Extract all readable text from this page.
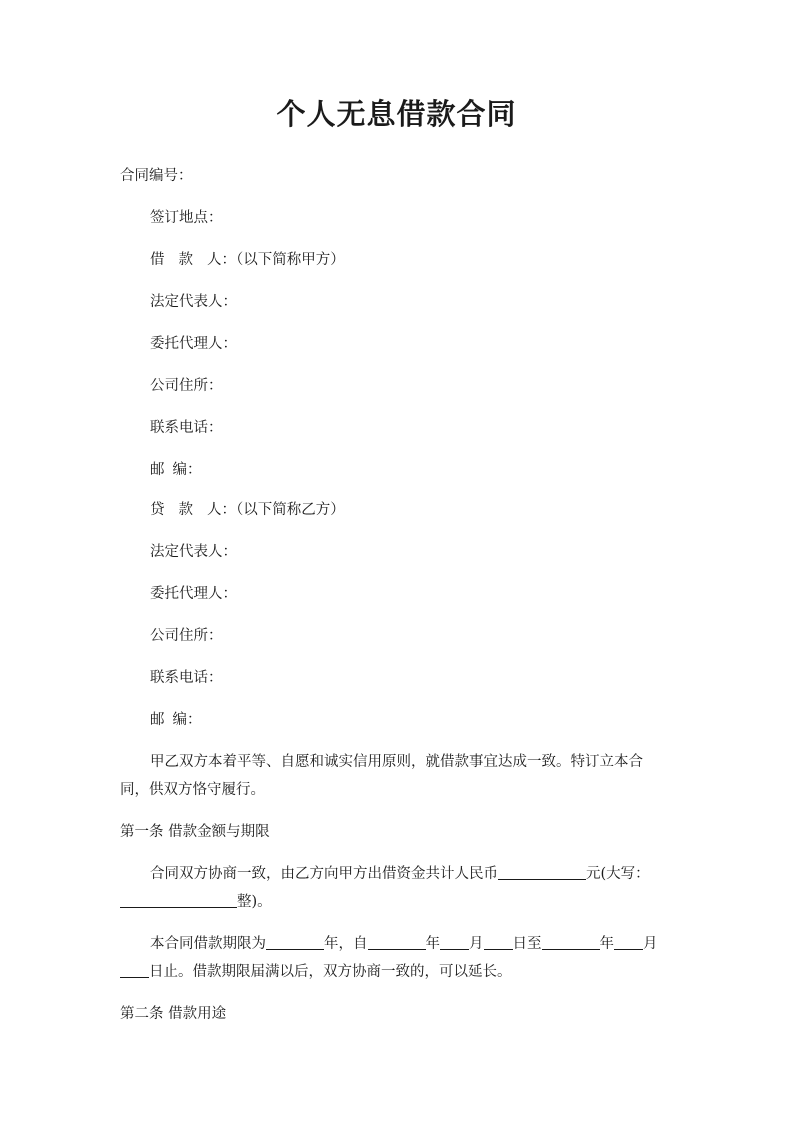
个人无息借款合同
合同编号：
签订地点：
借 款 人：（以下简称甲方）
法定代表人：
委托代理人：
公司住所：
联系电话：
邮 编：
贷 款 人：（以下简称乙方）
法定代表人：
委托代理人：
公司住所：
联系电话：
邮 编：
甲乙双方本着平等、自愿和诚实信用原则，就借款事宜达成一致。特订立本合
同，供双方恪守履行。
第一条 借款金额与期限
合同双方协商一致，由乙方向甲方出借资金共计人民币	元(大写：
整)。
本合同借款期限为	年，自	年 月 日至	年 月
日止。借款期限届满以后，双方协商一致的，可以延长。
第二条 借款用途
